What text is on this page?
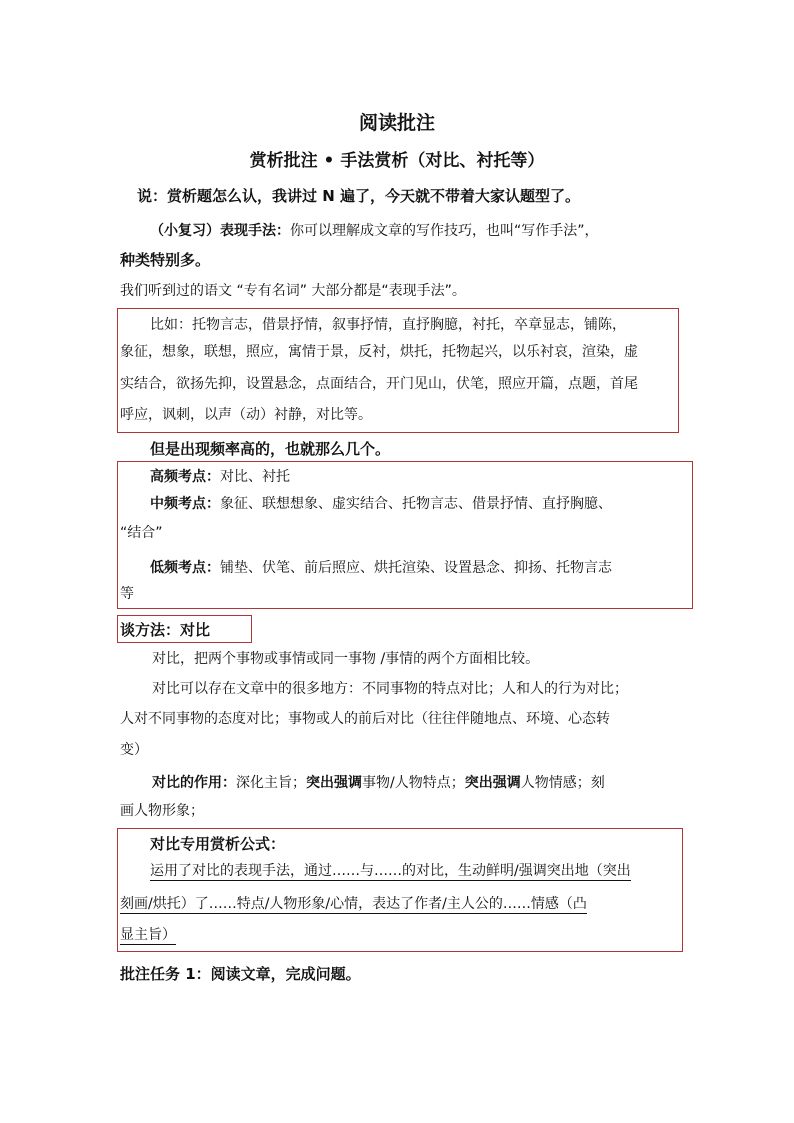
阅读批注
赏析批注 • 手法赏析（对比、衬托等）
说：赏析题怎么认，我讲过 N 遍了，今天就不带着大家认题型了。
（小复习）表现手法：你可以理解成文章的写作技巧，也叫“写作手法”，
种类特别多。
我们听到过的语文 “专有名词” 大部分都是“表现手法”。
比如：托物言志，借景抒情，叙事抒情，直抒胸臆，衬托，卒章显志，铺陈，
象征，想象，联想，照应，寓情于景，反衬，烘托，托物起兴，以乐衬哀，渲染，虚
实结合，欲扬先抑，设置悬念，点面结合，开门见山，伏笔，照应开篇，点题，首尾
呼应，讽刺，以声（动）衬静，对比等。
但是出现频率高的，也就那么几个。
高频考点：对比、衬托
中频考点：象征、联想想象、虚实结合、托物言志、借景抒情、直抒胸臆、
“结合”
低频考点：铺垫、伏笔、前后照应、烘托渲染、设置悬念、抑扬、托物言志
等
谈方法：对比
对比，把两个事物或事情或同一事物 /事情的两个方面相比较。
对比可以存在文章中的很多地方：不同事物的特点对比；人和人的行为对比；
人对不同事物的态度对比；事物或人的前后对比（往往伴随地点、环境、心态转
变）
对比的作用：深化主旨；突出强调事物/人物特点；突出强调人物情感；刻
画人物形象；
对比专用赏析公式：
运用了对比的表现手法，通过……与……的对比，生动鲜明/强调突出地（突出
刻画/烘托）了……特点/人物形象/心情，表达了作者/主人公的……情感（凸
显主旨）
批注任务 1：阅读文章，完成问题。
